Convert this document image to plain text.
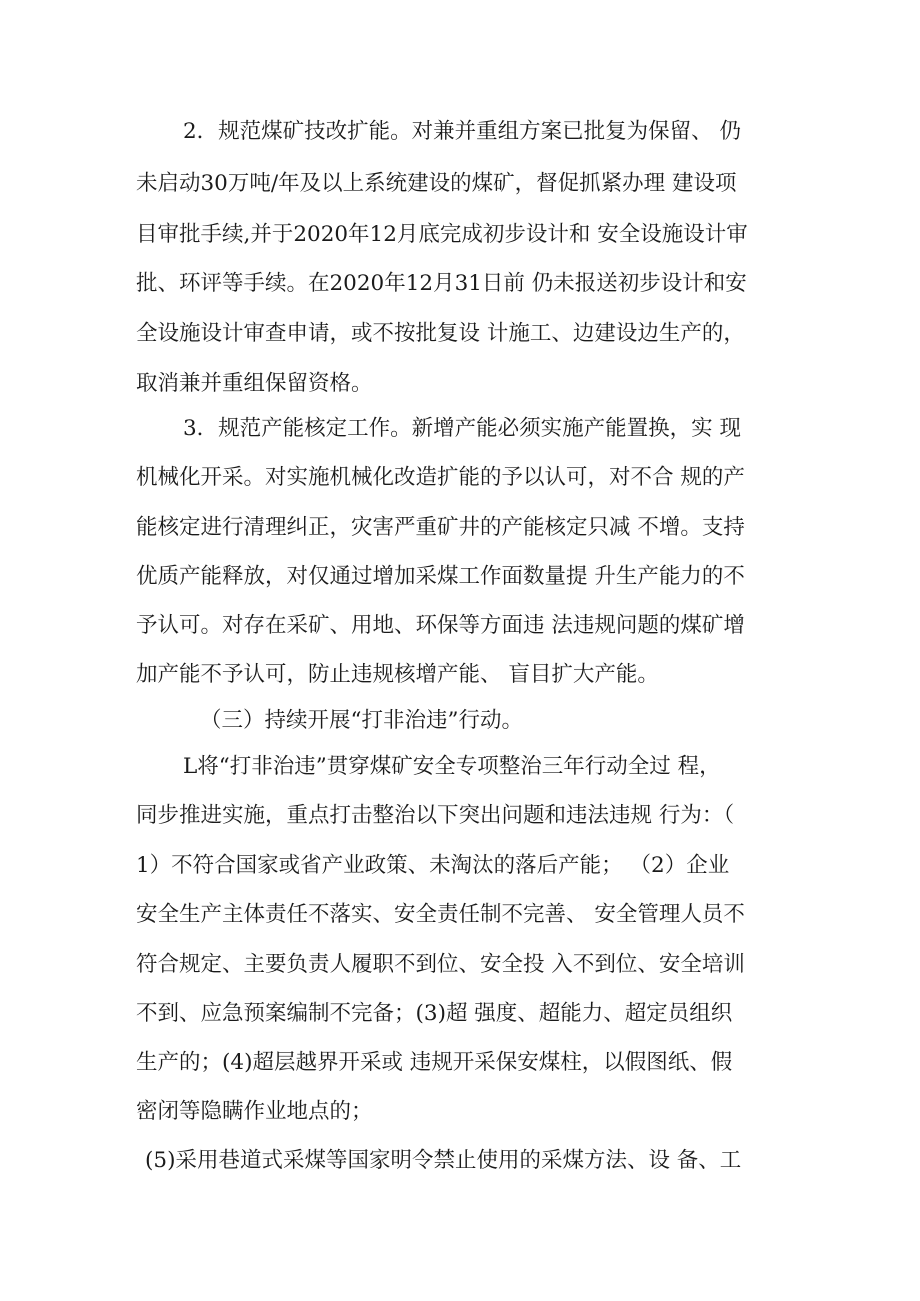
2．规范煤矿技改扩能。对兼并重组方案已批复为保留、 仍
未启动30万吨/年及以上系统建设的煤矿，督促抓紧办理 建设项
目审批手续,并于2020年12月底完成初步设计和 安全设施设计审
批、环评等手续。在2020年12月31日前 仍未报送初步设计和安
全设施设计审查申请，或不按批复设 计施工、边建设边生产的，
取消兼并重组保留资格。
3．规范产能核定工作。新增产能必须实施产能置换，实 现
机械化开采。对实施机械化改造扩能的予以认可，对不合 规的产
能核定进行清理纠正，灾害严重矿井的产能核定只减 不增。支持
优质产能释放，对仅通过增加采煤工作面数量提 升生产能力的不
予认可。对存在采矿、用地、环保等方面违 法违规问题的煤矿增
加产能不予认可，防止违规核增产能、 盲目扩大产能。
（三）持续开展“打非治违”行动。
L将“打非治违”贯穿煤矿安全专项整治三年行动全过 程，
同步推进实施，重点打击整治以下突出问题和违法违规 行为：（
1）不符合国家或省产业政策、未淘汰的落后产能； （2）企业
安全生产主体责任不落实、安全责任制不完善、 安全管理人员不
符合规定、主要负责人履职不到位、安全投 入不到位、安全培训
不到、应急预案编制不完备；(3)超 强度、超能力、超定员组织
生产的；(4)超层越界开采或 违规开采保安煤柱，以假图纸、假
密闭等隐瞒作业地点的；
(5)采用巷道式采煤等国家明令禁止使用的采煤方法、设 备、工
